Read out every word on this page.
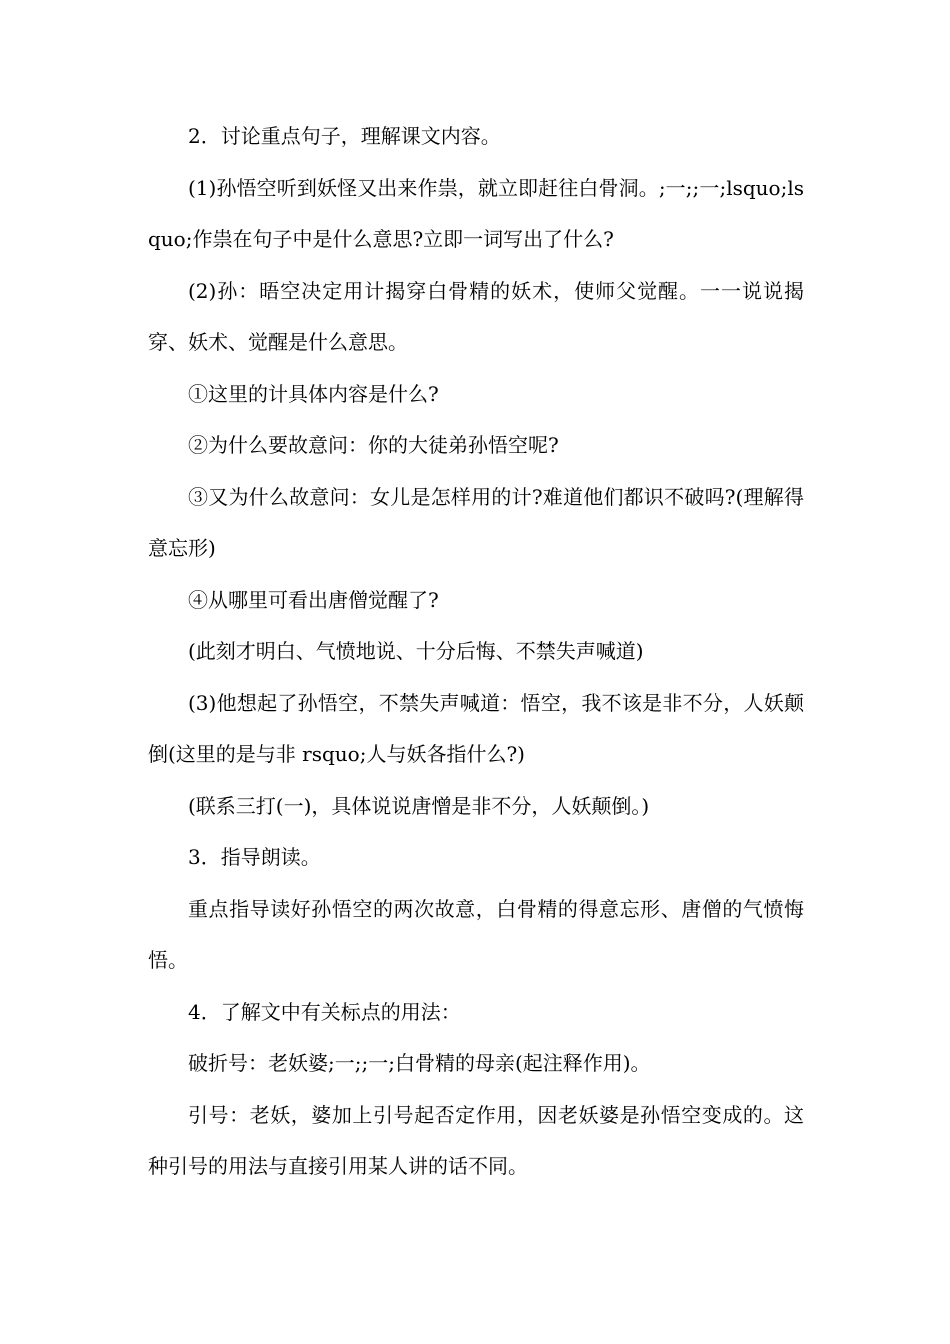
2．讨论重点句子，理解课文内容。

(1)孙悟空听到妖怪又出来作祟，就立即赶往白骨洞。;一;;一;lsquo;lsquo;作祟在句子中是什么意思?立即一词写出了什么?

(2)孙：晤空决定用计揭穿白骨精的妖术，使师父觉醒。一一说说揭穿、妖术、觉醒是什么意思。

①这里的计具体内容是什么?

②为什么要故意问：你的大徒弟孙悟空呢?

③又为什么故意问：女儿是怎样用的计?难道他们都识不破吗?(理解得意忘形)

④从哪里可看出唐僧觉醒了?

(此刻才明白、气愤地说、十分后悔、不禁失声喊道)

(3)他想起了孙悟空，不禁失声喊道：悟空，我不该是非不分，人妖颠倒(这里的是与非 rsquo;人与妖各指什么?)

(联系三打(一)，具体说说唐憎是非不分，人妖颠倒。)

3．指导朗读。

重点指导读好孙悟空的两次故意，白骨精的得意忘形、唐僧的气愤悔悟。

4．了解文中有关标点的用法：

破折号：老妖婆;一;;一;白骨精的母亲(起注释作用)。

引号：老妖，婆加上引号起否定作用，因老妖婆是孙悟空变成的。这种引号的用法与直接引用某人讲的话不同。
